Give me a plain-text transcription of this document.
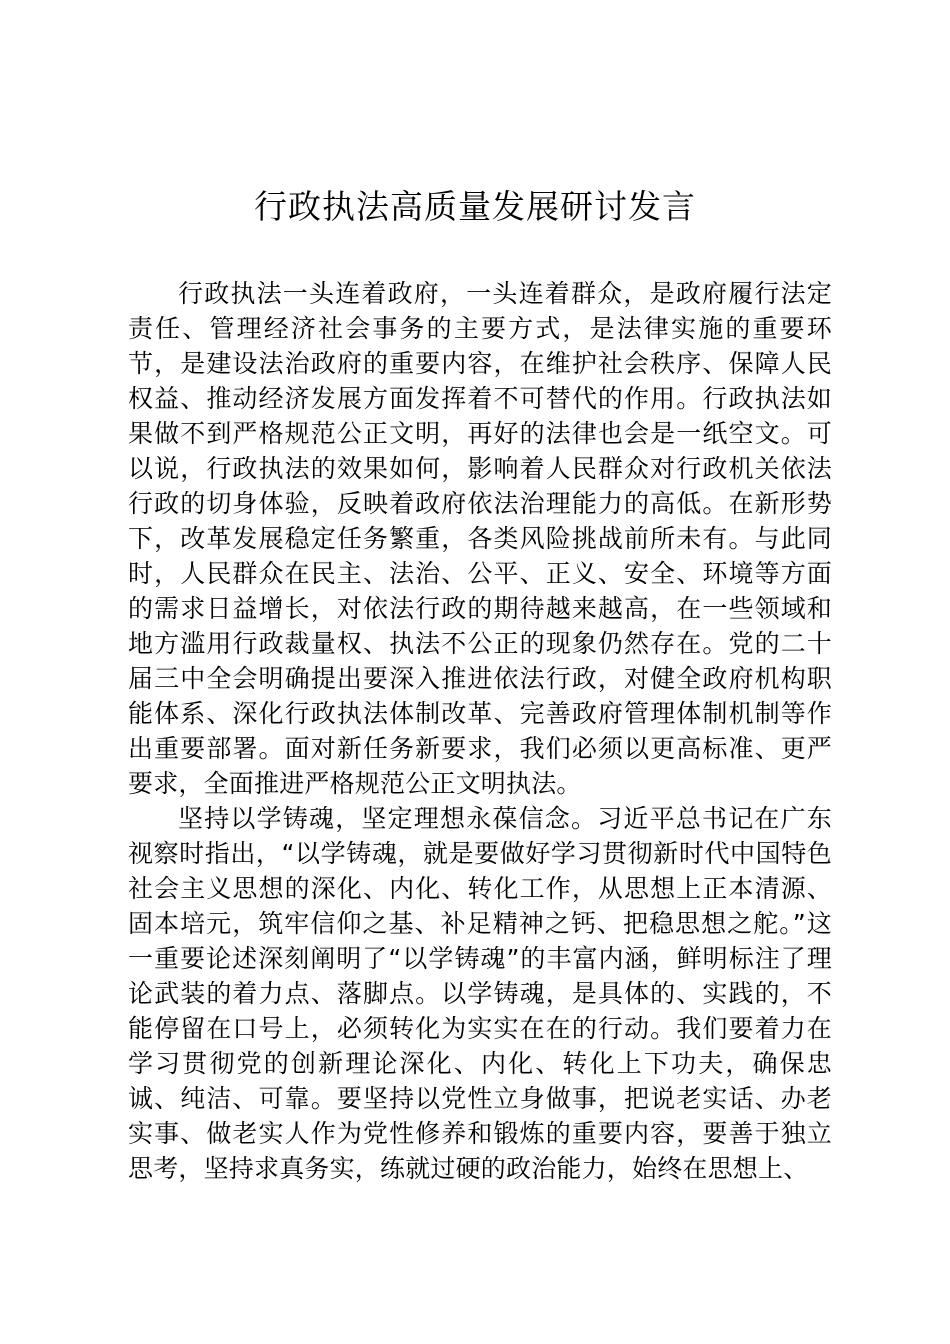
行政执法高质量发展研讨发言

行政执法一头连着政府，一头连着群众，是政府履行法定责任、管理经济社会事务的主要方式，是法律实施的重要环节，是建设法治政府的重要内容，在维护社会秩序、保障人民权益、推动经济发展方面发挥着不可替代的作用。行政执法如果做不到严格规范公正文明，再好的法律也会是一纸空文。可以说，行政执法的效果如何，影响着人民群众对行政机关依法行政的切身体验，反映着政府依法治理能力的高低。在新形势下，改革发展稳定任务繁重，各类风险挑战前所未有。与此同时，人民群众在民主、法治、公平、正义、安全、环境等方面的需求日益增长，对依法行政的期待越来越高，在一些领域和地方滥用行政裁量权、执法不公正的现象仍然存在。党的二十届三中全会明确提出要深入推进依法行政，对健全政府机构职能体系、深化行政执法体制改革、完善政府管理体制机制等作出重要部署。面对新任务新要求，我们必须以更高标准、更严要求，全面推进严格规范公正文明执法。

坚持以学铸魂，坚定理想永葆信念。习近平总书记在广东视察时指出，“以学铸魂，就是要做好学习贯彻新时代中国特色社会主义思想的深化、内化、转化工作，从思想上正本清源、固本培元，筑牢信仰之基、补足精神之钙、把稳思想之舵。”这一重要论述深刻阐明了“以学铸魂”的丰富内涵，鲜明标注了理论武装的着力点、落脚点。以学铸魂，是具体的、实践的，不能停留在口号上，必须转化为实实在在的行动。我们要着力在学习贯彻党的创新理论深化、内化、转化上下功夫，确保忠诚、纯洁、可靠。要坚持以党性立身做事，把说老实话、办老实事、做老实人作为党性修养和锻炼的重要内容，要善于独立思考，坚持求真务实，练就过硬的政治能力，始终在思想上、
